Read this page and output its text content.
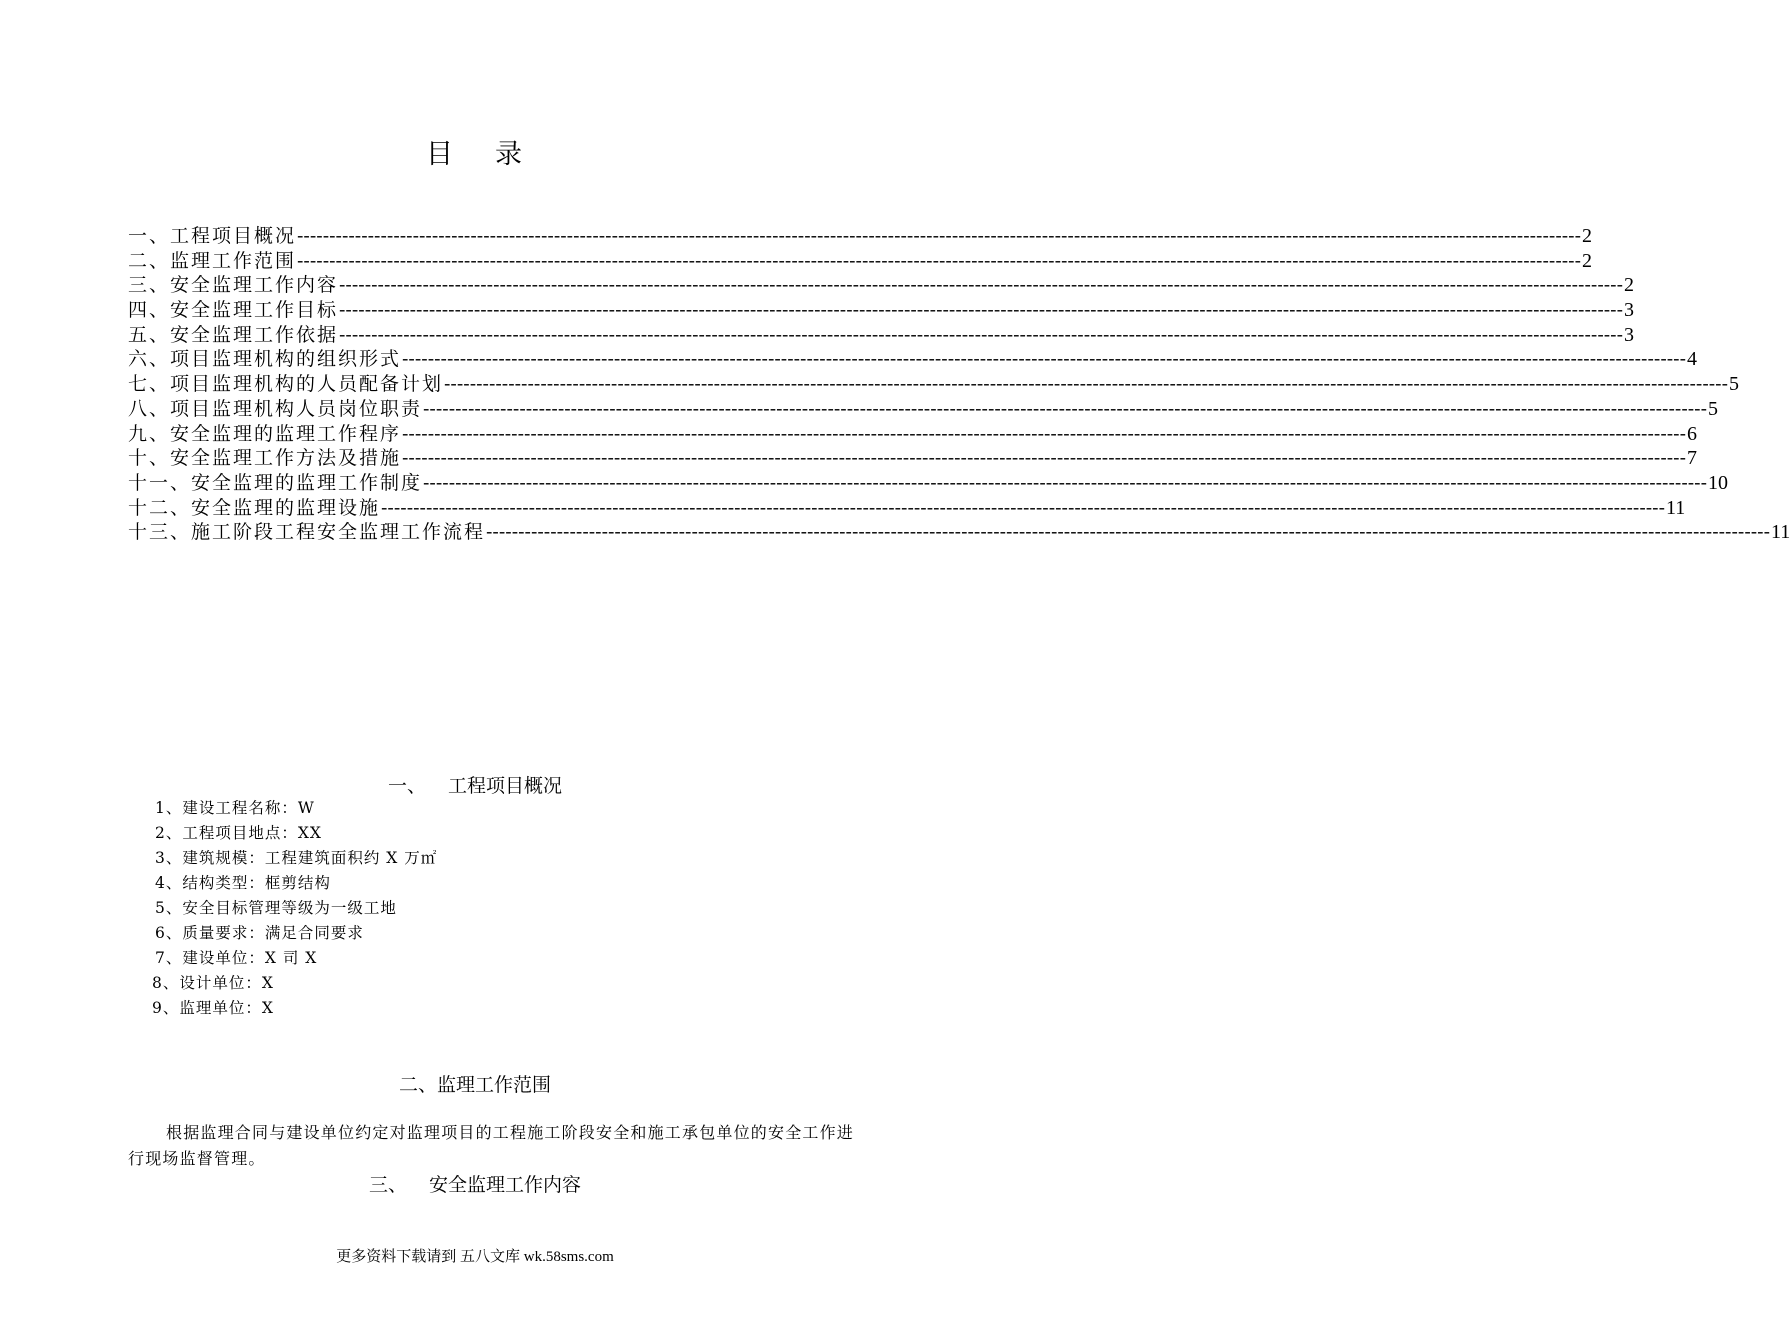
目 录
一、工程项目概况 -------------------------------------------------------------------------------------------------------------------------------------------------------------------------------------------------------- 2
二、监理工作范围 -------------------------------------------------------------------------------------------------------------------------------------------------------------------------------------------------------- 2
三、安全监理工作内容 -------------------------------------------------------------------------------------------------------------------------------------------------------------------------------------------------------- 2
四、安全监理工作目标 -------------------------------------------------------------------------------------------------------------------------------------------------------------------------------------------------------- 3
五、安全监理工作依据 -------------------------------------------------------------------------------------------------------------------------------------------------------------------------------------------------------- 3
六、项目监理机构的组织形式 -------------------------------------------------------------------------------------------------------------------------------------------------------------------------------------------------------- 4
七、项目监理机构的人员配备计划 -------------------------------------------------------------------------------------------------------------------------------------------------------------------------------------------------------- 5
八、项目监理机构人员岗位职责 -------------------------------------------------------------------------------------------------------------------------------------------------------------------------------------------------------- 5
九、安全监理的监理工作程序 -------------------------------------------------------------------------------------------------------------------------------------------------------------------------------------------------------- 6
十、安全监理工作方法及措施 -------------------------------------------------------------------------------------------------------------------------------------------------------------------------------------------------------- 7
十一、安全监理的监理工作制度 -------------------------------------------------------------------------------------------------------------------------------------------------------------------------------------------------------- 10
十二、安全监理的监理设施 -------------------------------------------------------------------------------------------------------------------------------------------------------------------------------------------------------- 11
十三、施工阶段工程安全监理工作流程 -------------------------------------------------------------------------------------------------------------------------------------------------------------------------------------------------------- 11
一、 工程项目概况
1、建设工程名称：W
2、工程项目地点：XX
3、建筑规模：工程建筑面积约 X 万㎡
4、结构类型：框剪结构
5、安全目标管理等级为一级工地
6、质量要求：满足合同要求
7、建设单位：X 司 X
8、设计单位：X
9、监理单位：X
二、监理工作范围
根据监理合同与建设单位约定对监理项目的工程施工阶段安全和施工承包单位的安全工作进行现场监督管理。
三、 安全监理工作内容
更多资料下载请到 五八文库 wk.58sms.com
